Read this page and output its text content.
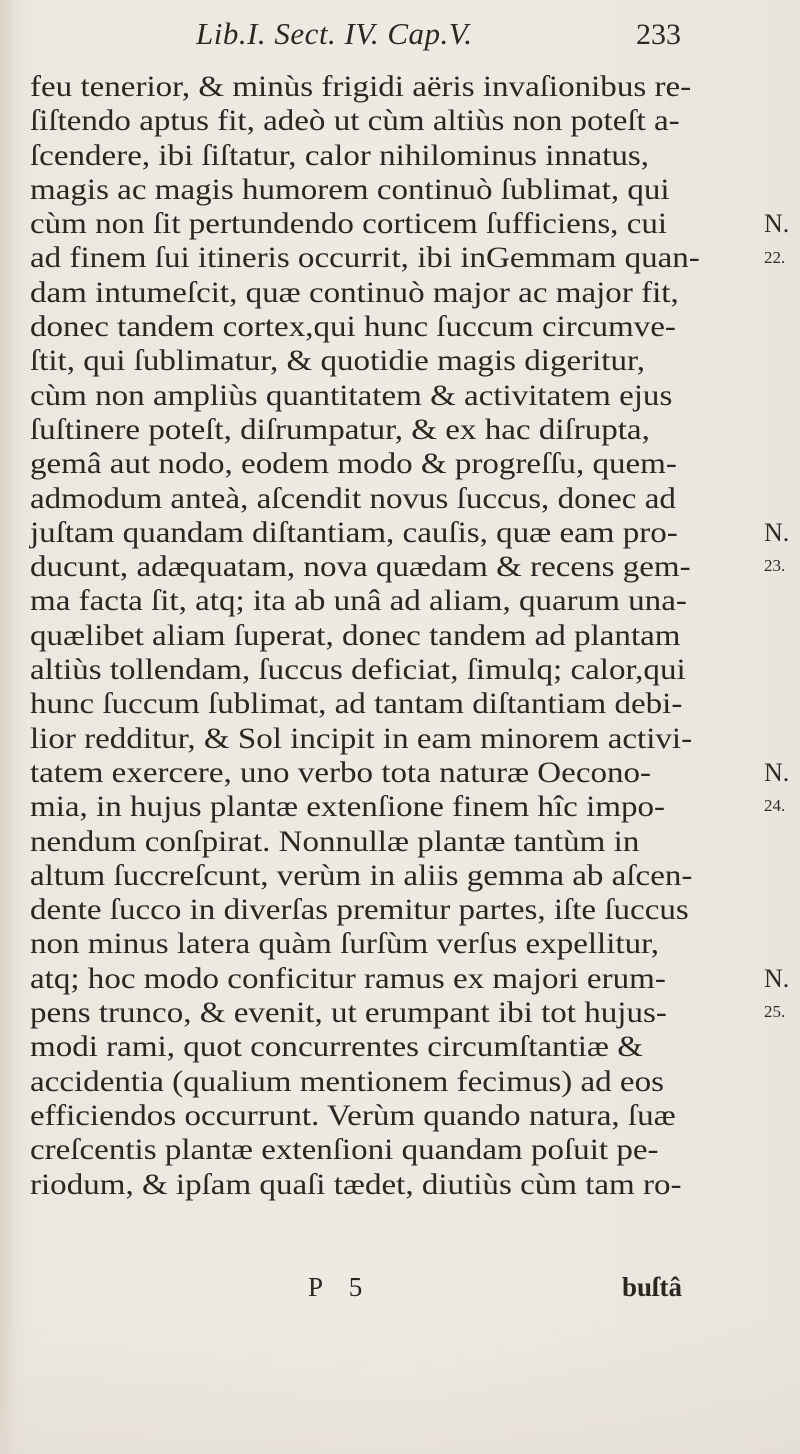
Lib.I. Sect. IV. Cap.V.	233
feu tenerior, & minùs frigidi aëris invaſionibus re-
ſiſtendo aptus fit, adeò ut cùm altiùs non poteſt a-
ſcendere, ibi ſiſtatur, calor nihilominus innatus,
magis ac magis humorem continuò ſublimat, qui
cùm non ſit pertundendo corticem ſufficiens, cui
ad finem ſui itineris occurrit, ibi inGemmam quan-
dam intumeſcit, quæ continuò major ac major fit,
donec tandem cortex,qui hunc ſuccum circumve-
ſtit, qui ſublimatur, & quotidie magis digeritur,
cùm non ampliùs quantitatem & activitatem ejus
ſuſtinere poteſt, diſrumpatur, & ex hac diſrupta,
gemâ aut nodo, eodem modo & progreſſu, quem-
admodum anteà, aſcendit novus ſuccus, donec ad
juſtam quandam diſtantiam, cauſis, quæ eam pro-
ducunt, adæquatam, nova quædam & recens gem-
ma facta ſit, atq; ita ab unâ ad aliam, quarum una-
quælibet aliam ſuperat, donec tandem ad plantam
altiùs tollendam, ſuccus deficiat, ſimulq; calor,qui
hunc ſuccum ſublimat, ad tantam diſtantiam debi-
lior redditur, & Sol incipit in eam minorem activi-
tatem exercere, uno verbo tota naturæ Oecono-
mia, in hujus plantæ extenſione finem hîc impo-
nendum conſpirat. Nonnullæ plantæ tantùm in
altum ſuccreſcunt, verùm in aliis gemma ab aſcen-
dente ſucco in diverſas premitur partes, iſte ſuccus
non minus latera quàm ſurſùm verſus expellitur,
atq; hoc modo conficitur ramus ex majori erum-
pens trunco, & evenit, ut erumpant ibi tot hujus-
modi rami, quot concurrentes circumſtantiæ &
accidentia (qualium mentionem fecimus) ad eos
efficiendos occurrunt. Verùm quando natura, ſuæ
creſcentis plantæ extenſioni quandam poſuit pe-
riodum, & ipſam quaſi tædet, diutiùs cùm tam ro-
N.
22.
N.
23.
N.
24.
N.
25.
P 5	buſtâ
